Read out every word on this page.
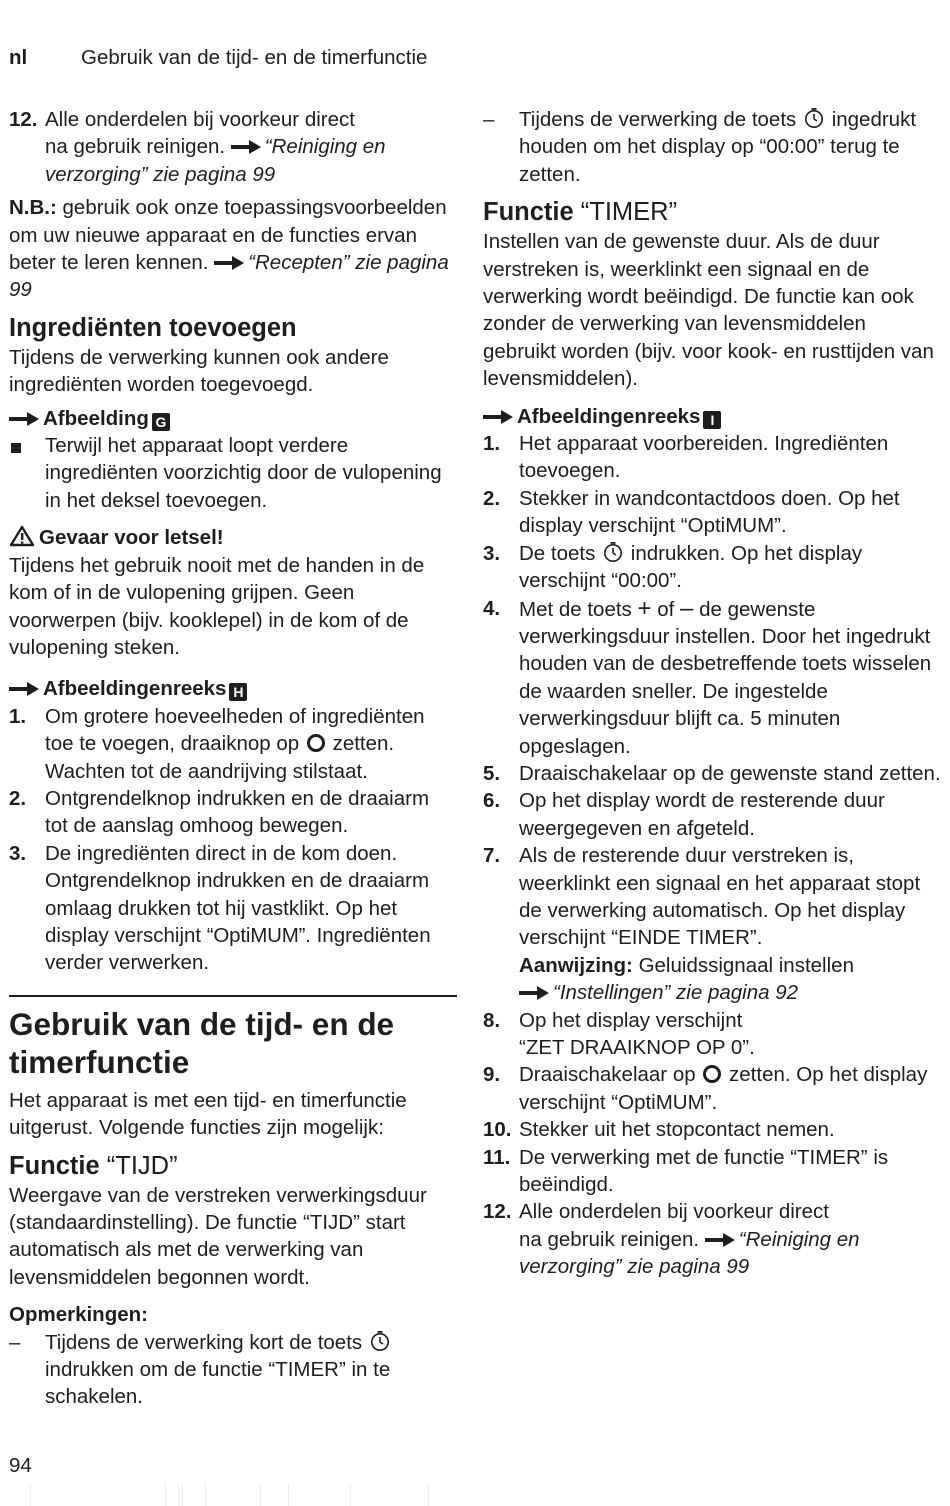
nl	Gebruik van de tijd- en de timerfunctie
12. Alle onderdelen bij voorkeur direct
na gebruik reinigen. “Reiniging en verzorging” zie pagina 99

N.B.: gebruik ook onze toepassingsvoorbeelden om uw nieuwe apparaat en de functies ervan beter te leren kennen. “Recepten” zie pagina 99

Ingrediënten toevoegen

Tijdens de verwerking kunnen ook andere ingrediënten worden toegevoegd.

Afbeelding G

Terwijl het apparaat loopt verdere ingrediënten voorzichtig door de vulopening in het deksel toevoegen.

Gevaar voor letsel!

Tijdens het gebruik nooit met de handen in de kom of in de vulopening grijpen. Geen voorwerpen (bijv. kooklepel) in de kom of de vulopening steken.

Afbeeldingenreeks H

1. Om grotere hoeveelheden of ingrediënten toe te voegen, draaiknop op zetten. Wachten tot de aandrijving stilstaat.
2. Ontgrendelknop indrukken en de draaiarm tot de aanslag omhoog bewegen.
3. De ingrediënten direct in de kom doen. Ontgrendelknop indrukken en de draaiarm omlaag drukken tot hij vastklikt. Op het display verschijnt “OptiMUM”. Ingrediënten verder verwerken.
Gebruik van de tijd- en de timerfunctie

Het apparaat is met een tijd- en timerfunctie uitgerust. Volgende functies zijn mogelijk:

Functie “TIJD”

Weergave van de verstreken verwerkingsduur (standaardinstelling). De functie “TIJD” start automatisch als met de verwerking van levensmiddelen begonnen wordt.

Opmerkingen:

– Tijdens de verwerking kort de toets  indrukken om de functie “TIMER” in te schakelen.
– Tijdens de verwerking de toets ingedrukt houden om het display op “00:00” terug te zetten.
Functie “TIMER”

Instellen van de gewenste duur. Als de duur verstreken is, weerklinkt een signaal en de verwerking wordt beëindigd. De functie kan ook zonder de verwerking van levensmiddelen gebruikt worden (bijv. voor kook- en rusttijden van levensmiddelen).

Afbeeldingenreeks I

1. Het apparaat voorbereiden. Ingrediënten toevoegen.
2. Stekker in wandcontactdoos doen. Op het display verschijnt “OptiMUM”.
3. De toets indrukken. Op het display verschijnt “00:00”.
4. Met de toets + of – de gewenste verwerkingsduur instellen. Door het ingedrukt houden van de desbetreffende toets wisselen de waarden sneller. De ingestelde verwerkingsduur blijft ca. 5 minuten opgeslagen.
5. Draaischakelaar op de gewenste stand zetten.
6. Op het display wordt de resterende duur weergegeven en afgeteld.
7. Als de resterende duur verstreken is, weerklinkt een signaal en het apparaat stopt de verwerking automatisch. Op het display verschijnt “EINDE TIMER”.
Aanwijzing: Geluidssignaal instellen

“Instellingen” zie pagina 92
8. Op het display verschijnt
“ZET DRAAIKNOP OP 0”.
9. Draaischakelaar op zetten. Op het display verschijnt “OptiMUM”.
10. Stekker uit het stopcontact nemen.
11. De verwerking met de functie “TIMER” is beëindigd.
12. Alle onderdelen bij voorkeur direct
na gebruik reinigen. “Reiniging en verzorging” zie pagina 99
94
